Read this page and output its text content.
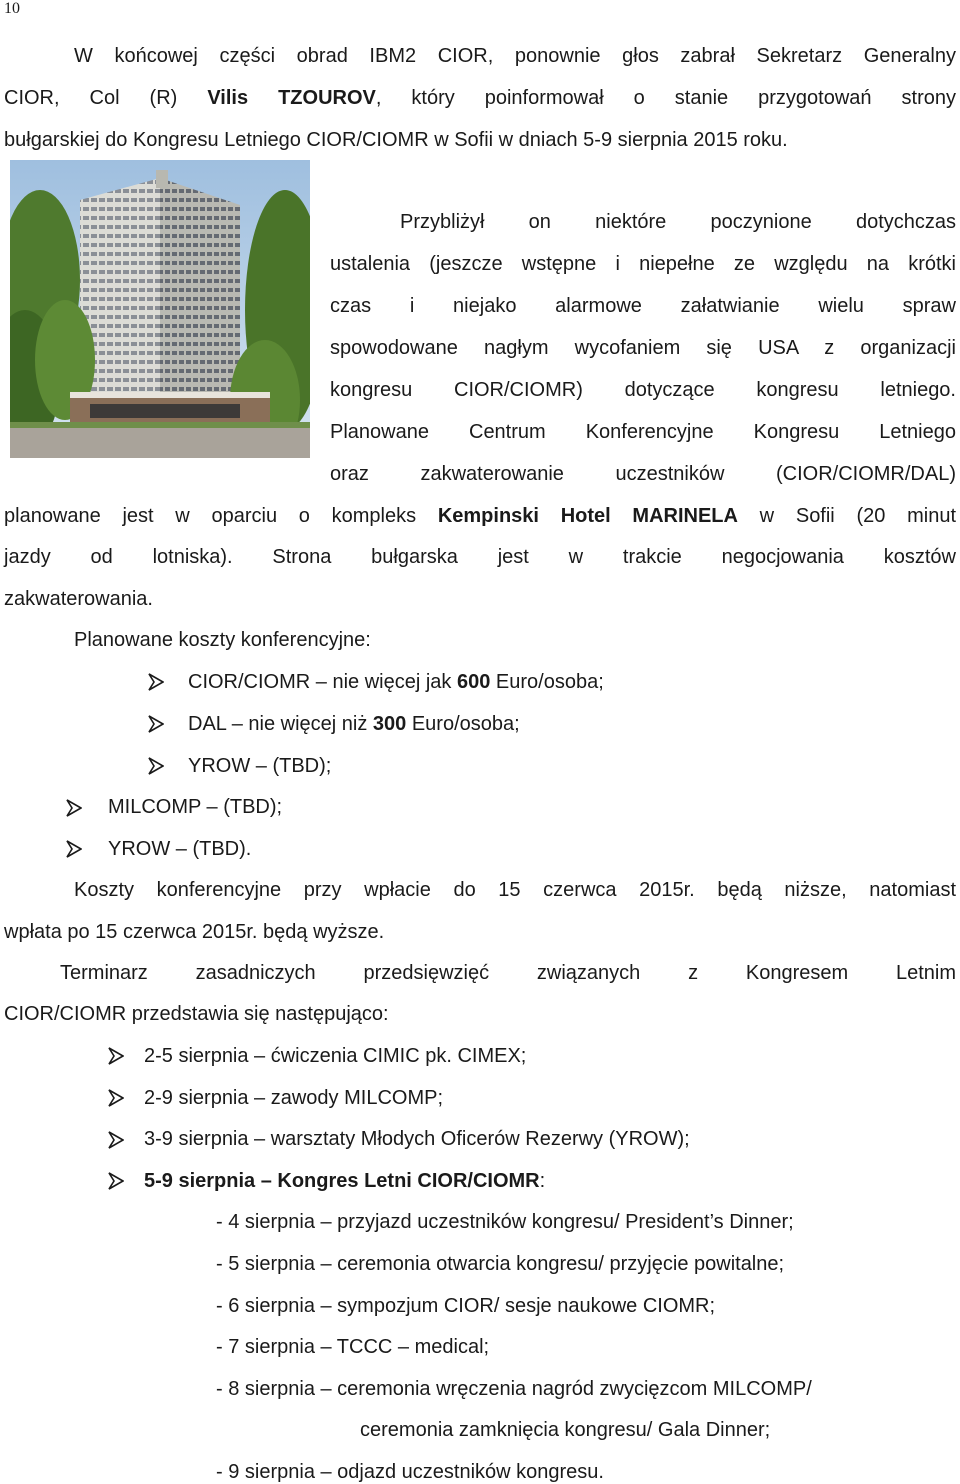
10
W końcowej części obrad IBM2 CIOR, ponownie głos zabrał Sekretarz Generalny
CIOR, Col (R) Vilis TZOUROV, który poinformował o stanie przygotowań strony
bułgarskiej do Kongresu Letniego CIOR/CIOMR w Sofii w dniach 5-9 sierpnia 2015 roku.
Przybliżył on niektóre poczynione dotychczas
ustalenia (jeszcze wstępne i niepełne ze względu na krótki
czas i niejako alarmowe załatwianie wielu spraw
spowodowane nagłym wycofaniem się USA z organizacji
kongresu CIOR/CIOMR) dotyczące kongresu letniego.
Planowane Centrum Konferencyjne Kongresu Letniego
oraz zakwaterowanie uczestników (CIOR/CIOMR/DAL)
planowane jest w oparciu o kompleks Kempinski Hotel MARINELA w Sofii (20 minut
jazdy od lotniska). Strona bułgarska jest w trakcie negocjowania kosztów
zakwaterowania.
Planowane koszty konferencyjne:
CIOR/CIOMR – nie więcej jak 600 Euro/osoba;
DAL – nie więcej niż 300 Euro/osoba;
YROW – (TBD);
MILCOMP – (TBD);
YROW – (TBD).
Koszty konferencyjne przy wpłacie do 15 czerwca 2015r. będą niższe, natomiast
wpłata po 15 czerwca 2015r. będą wyższe.
Terminarz zasadniczych przedsięwzięć związanych z Kongresem Letnim
CIOR/CIOMR przedstawia się następująco:
2-5 sierpnia – ćwiczenia CIMIC pk. CIMEX;
2-9 sierpnia – zawody MILCOMP;
3-9 sierpnia – warsztaty Młodych Oficerów Rezerwy (YROW);
5-9 sierpnia – Kongres Letni CIOR/CIOMR:
- 4 sierpnia – przyjazd uczestników kongresu/ President’s Dinner;
- 5 sierpnia – ceremonia otwarcia kongresu/ przyjęcie powitalne;
- 6 sierpnia – sympozjum CIOR/ sesje naukowe CIOMR;
- 7 sierpnia – TCCC – medical;
- 8 sierpnia – ceremonia wręczenia nagród zwycięzcom MILCOMP/
ceremonia zamknięcia kongresu/ Gala Dinner;
- 9 sierpnia – odjazd uczestników kongresu.
